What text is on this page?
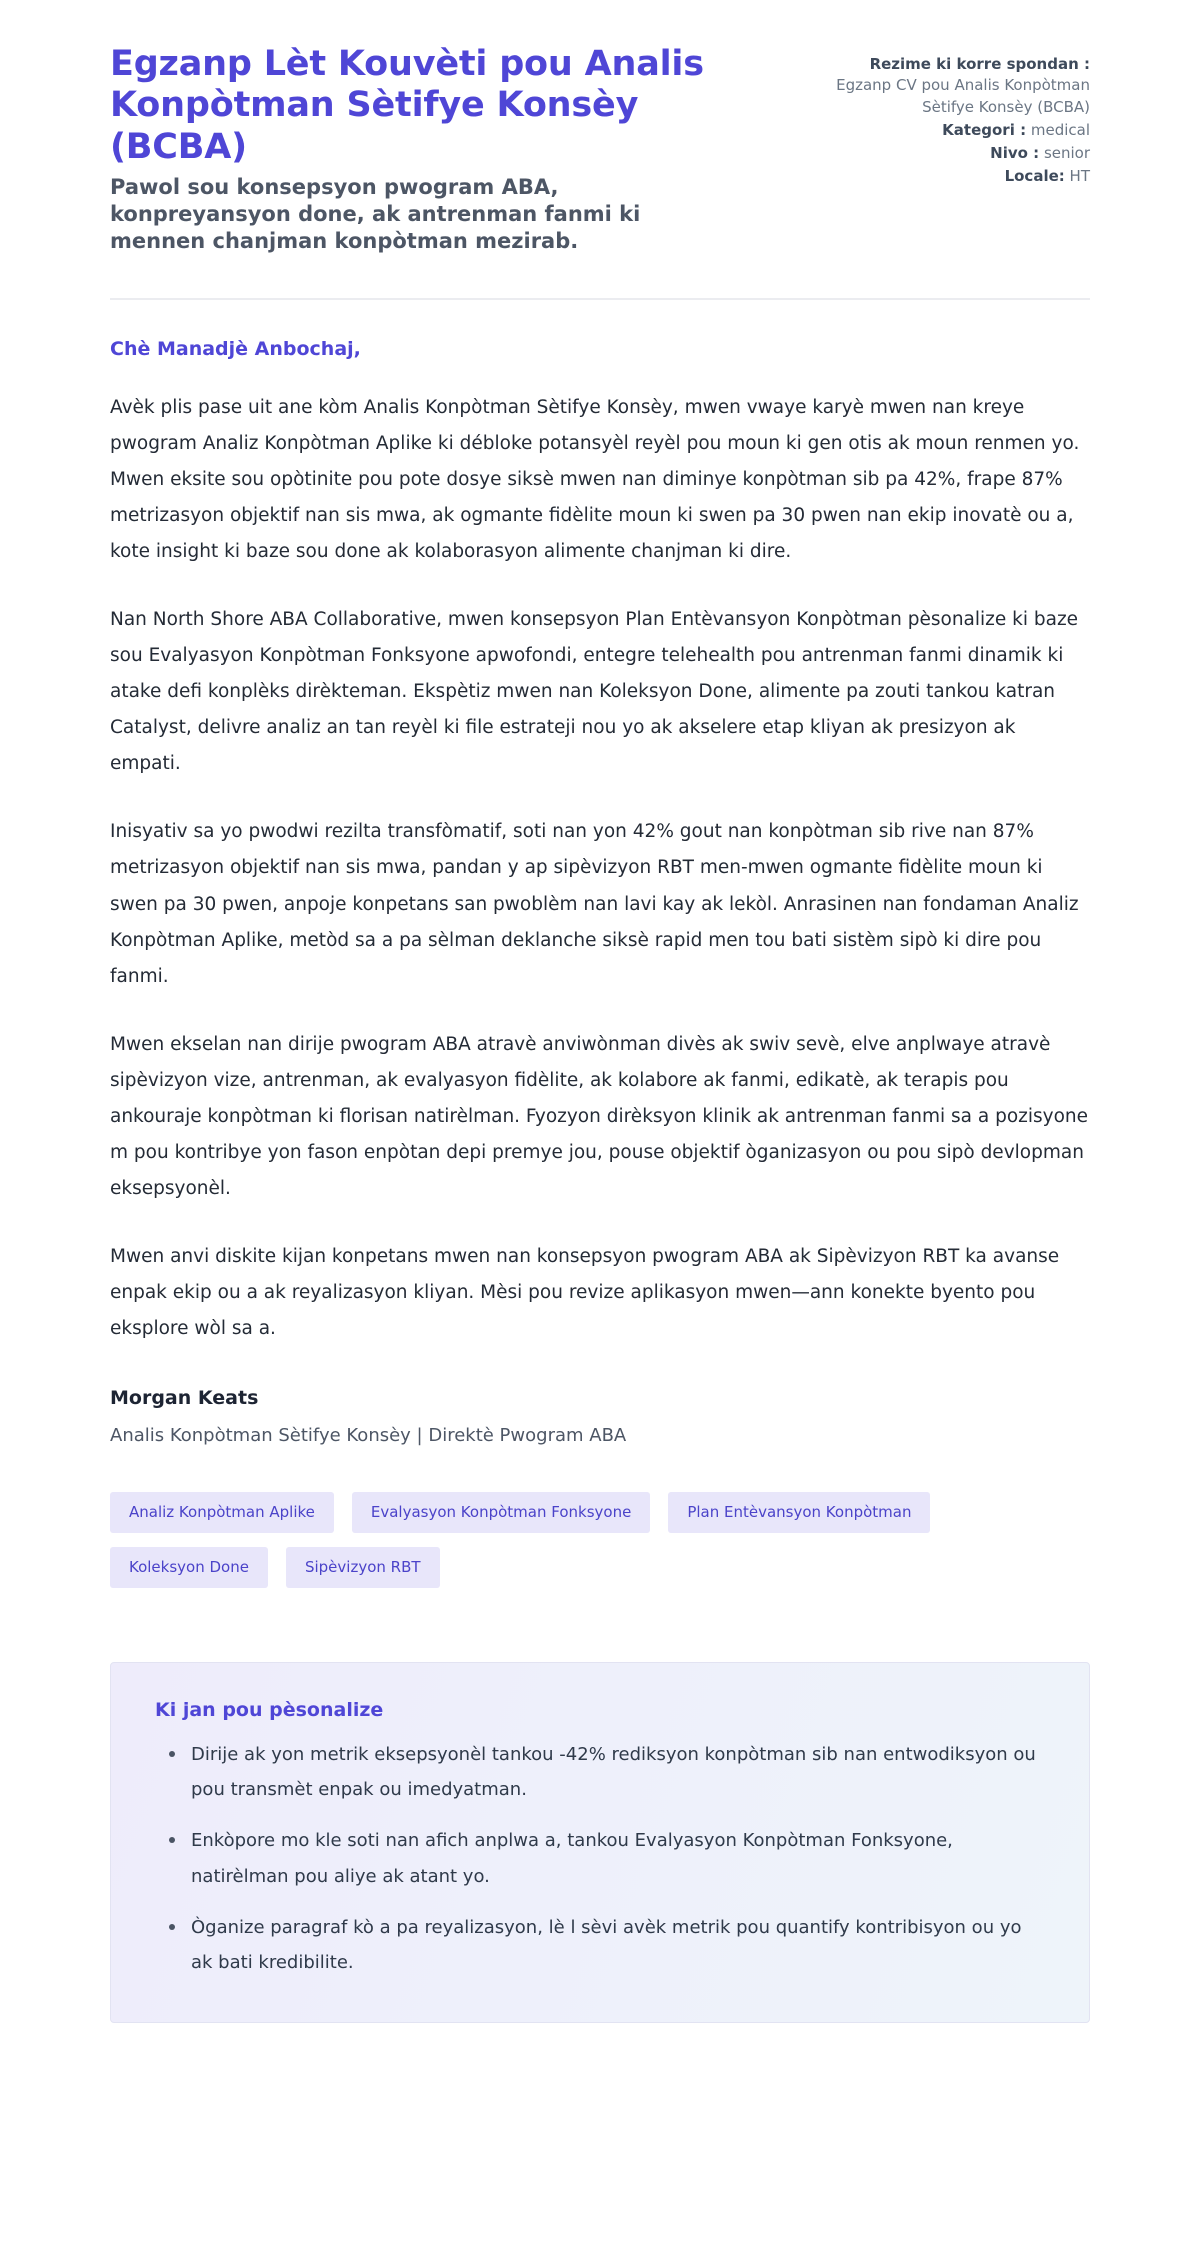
Egzanp Lèt Kouvèti pou Analis Konpòtman Sètifye Konsèy (BCBA)

Pawol sou konsepsyon pwogram ABA, konpreyansyon done, ak antrenman fanmi ki mennen chanjman konpòtman mezirab.

Rezime ki korre spondan :
Egzanp CV pou Analis Konpòtman Sètifye Konsèy (BCBA)
Kategori : medical
Nivo : senior
Locale: HT

Chè Manadjè Anbochaj,

Avèk plis pase uit ane kòm Analis Konpòtman Sètifye Konsèy, mwen vwaye karyè mwen nan kreye pwogram Analiz Konpòtman Aplike ki débloke potansyèl reyèl pou moun ki gen otis ak moun renmen yo. Mwen eksite sou opòtinite pou pote dosye siksè mwen nan diminye konpòtman sib pa 42%, frape 87% metrizasyon objektif nan sis mwa, ak ogmante fidèlite moun ki swen pa 30 pwen nan ekip inovatè ou a, kote insight ki baze sou done ak kolaborasyon alimente chanjman ki dire.

Nan North Shore ABA Collaborative, mwen konsepsyon Plan Entèvansyon Konpòtman pèsonalize ki baze sou Evalyasyon Konpòtman Fonksyone apwofondi, entegre telehealth pou antrenman fanmi dinamik ki atake defi konplèks dirèkteman. Ekspètiz mwen nan Koleksyon Done, alimente pa zouti tankou katran Catalyst, delivre analiz an tan reyèl ki file estrateji nou yo ak akselere etap kliyan ak presizyon ak empati.

Inisyativ sa yo pwodwi rezilta transfòmatif, soti nan yon 42% gout nan konpòtman sib rive nan 87% metrizasyon objektif nan sis mwa, pandan y ap sipèvizyon RBT men-mwen ogmante fidèlite moun ki swen pa 30 pwen, anpoje konpetans san pwoblèm nan lavi kay ak lekòl. Anrasinen nan fondaman Analiz Konpòtman Aplike, metòd sa a pa sèlman deklanche siksè rapid men tou bati sistèm sipò ki dire pou fanmi.

Mwen ekselan nan dirije pwogram ABA atravè anviwònman divès ak swiv sevè, elve anplwaye atravè sipèvizyon vize, antrenman, ak evalyasyon fidèlite, ak kolabore ak fanmi, edikatè, ak terapis pou ankouraje konpòtman ki florisan natirèlman. Fyozyon dirèksyon klinik ak antrenman fanmi sa a pozisyone m pou kontribye yon fason enpòtan depi premye jou, pouse objektif òganizasyon ou pou sipò devlopman eksepsyonèl.

Mwen anvi diskite kijan konpetans mwen nan konsepsyon pwogram ABA ak Sipèvizyon RBT ka avanse enpak ekip ou a ak reyalizasyon kliyan. Mèsi pou revize aplikasyon mwen—ann konekte byento pou eksplore wòl sa a.

Morgan Keats

Analis Konpòtman Sètifye Konsèy | Direktè Pwogram ABA

Analiz Konpòtman Aplike	Evalyasyon Konpòtman Fonksyone	Plan Entèvansyon Konpòtman
Koleksyon Done	Sipèvizyon RBT

Ki jan pou pèsonalize

Dirije ak yon metrik eksepsyonèl tankou -42% rediksyon konpòtman sib nan entwodiksyon ou pou transmèt enpak ou imedyatman.
Enkòpore mo kle soti nan afich anplwa a, tankou Evalyasyon Konpòtman Fonksyone, natirèlman pou aliye ak atant yo.
Òganize paragraf kò a pa reyalizasyon, lè l sèvi avèk metrik pou quantify kontribisyon ou yo ak bati kredibilite.
